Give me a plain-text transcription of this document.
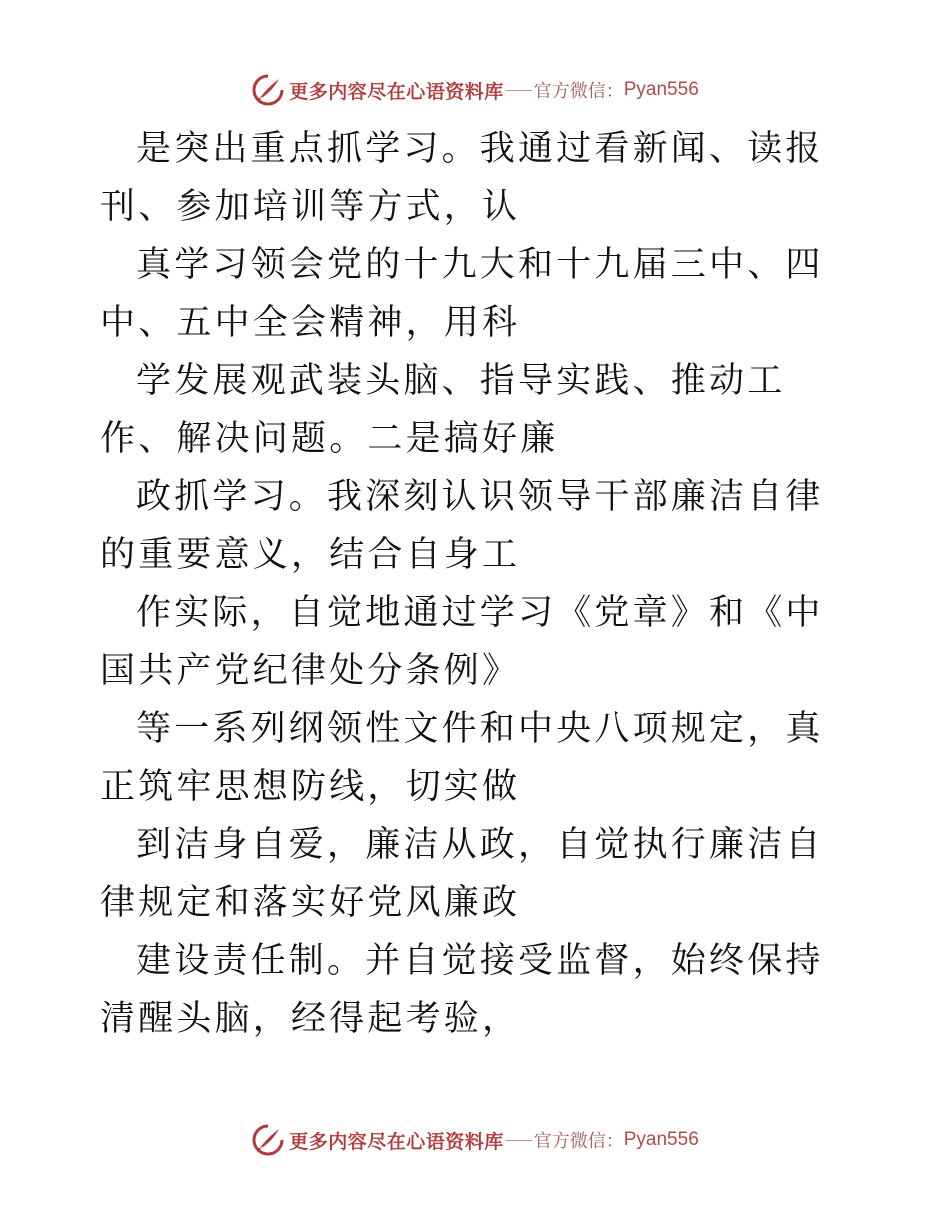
更多内容尽在心语资料库 官方微信： Pyan556

是突出重点抓学习。我通过看新闻、读报刊、参加培训等方式，认

真学习领会党的十九大和十九届三中、四中、五中全会精神，用科

学发展观武装头脑、指导实践、推动工作、解决问题。二是搞好廉

政抓学习。我深刻认识领导干部廉洁自律的重要意义，结合自身工

作实际，自觉地通过学习《党章》和《中国共产党纪律处分条例》

等一系列纲领性文件和中央八项规定，真正筑牢思想防线，切实做

到洁身自爱，廉洁从政，自觉执行廉洁自律规定和落实好党风廉政

建设责任制。并自觉接受监督，始终保持清醒头脑，经得起考验，

更多内容尽在心语资料库 官方微信： Pyan556
